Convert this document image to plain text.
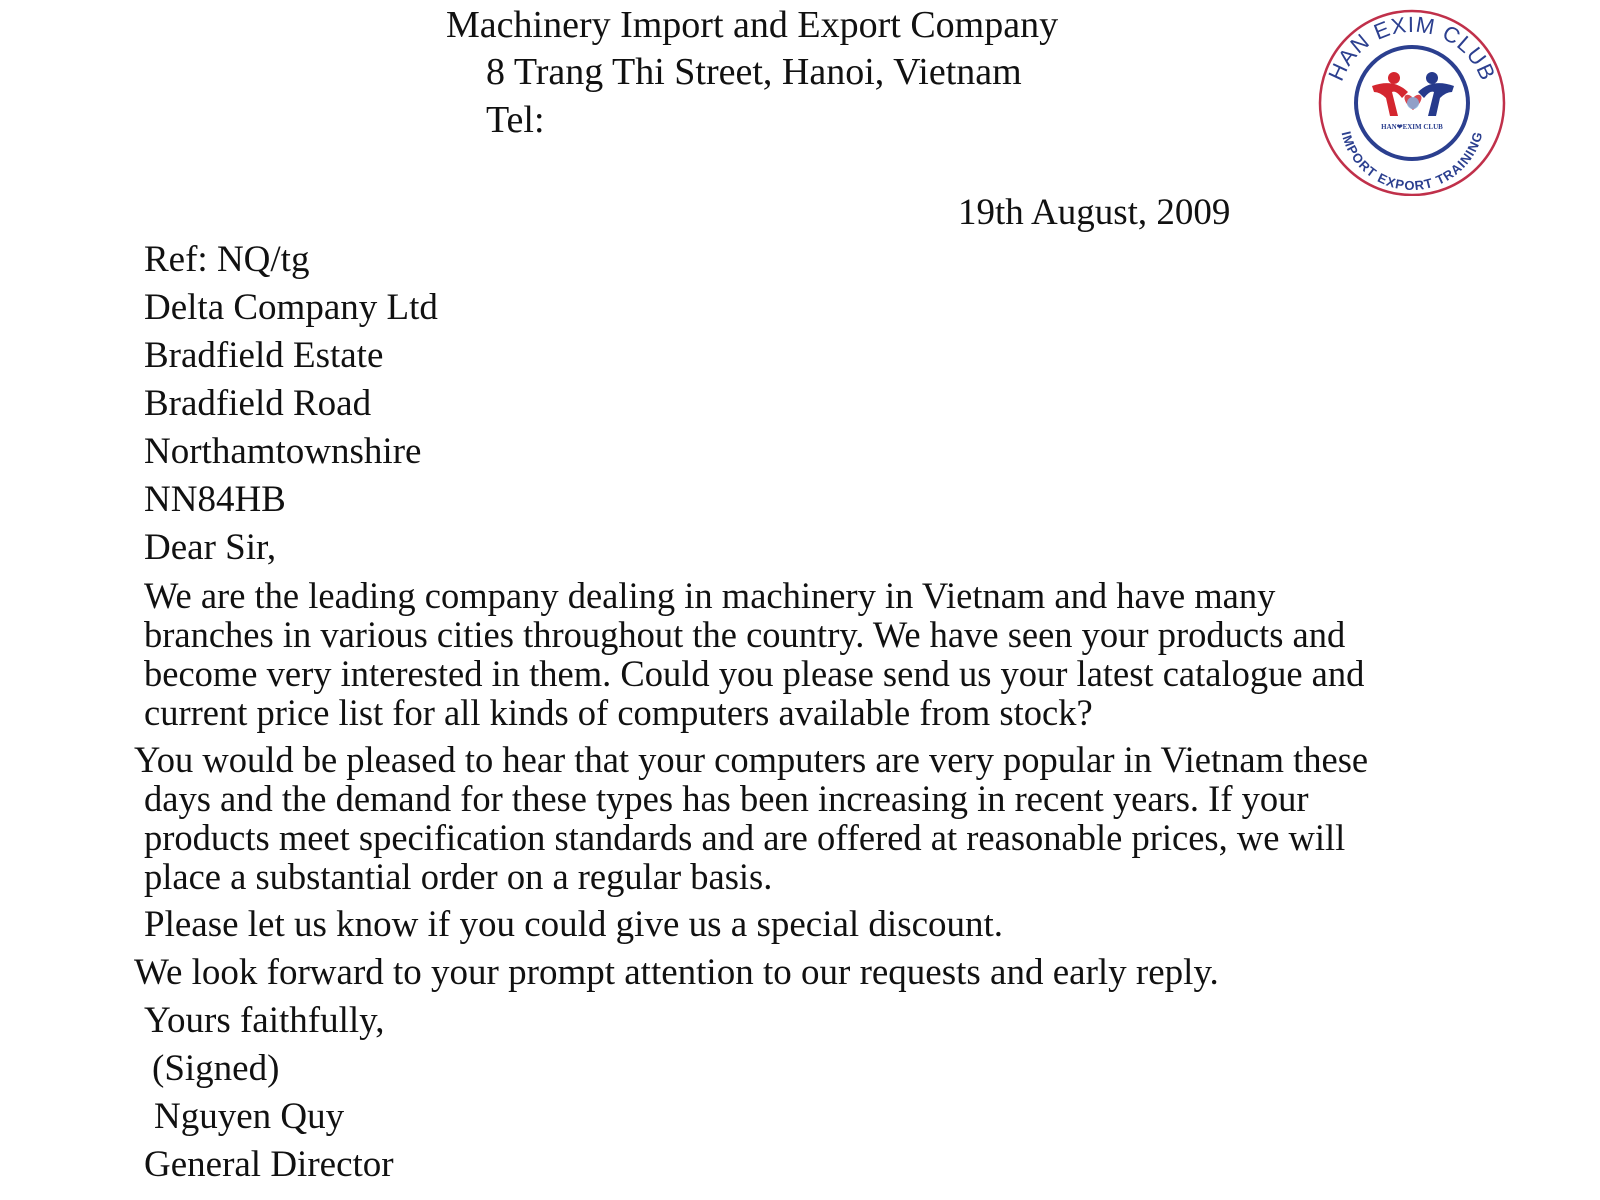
Machinery Import and Export Company
8 Trang Thi Street, Hanoi, Vietnam
Tel:
HAN EXIM CLUB
IMPORT EXPORT TRAINING
HAN❤EXIM CLUB
19th August, 2009
Ref: NQ/tg
Delta Company Ltd
Bradfield Estate
Bradfield Road
Northamtownshire
NN84HB
Dear Sir,
We are the leading company dealing in machinery in Vietnam and have many
branches in various cities throughout the country. We have seen your products and
become very interested in them. Could you please send us your latest catalogue and
current price list for all kinds of computers available from stock?
You would be pleased to hear that your computers are very popular in Vietnam these
days and the demand for these types has been increasing in recent years. If your
products meet specification standards and are offered at reasonable prices, we will
place a substantial order on a regular basis.
Please let us know if you could give us a special discount.
We look forward to your prompt attention to our requests and early reply.
Yours faithfully,
(Signed)
Nguyen Quy
General Director
